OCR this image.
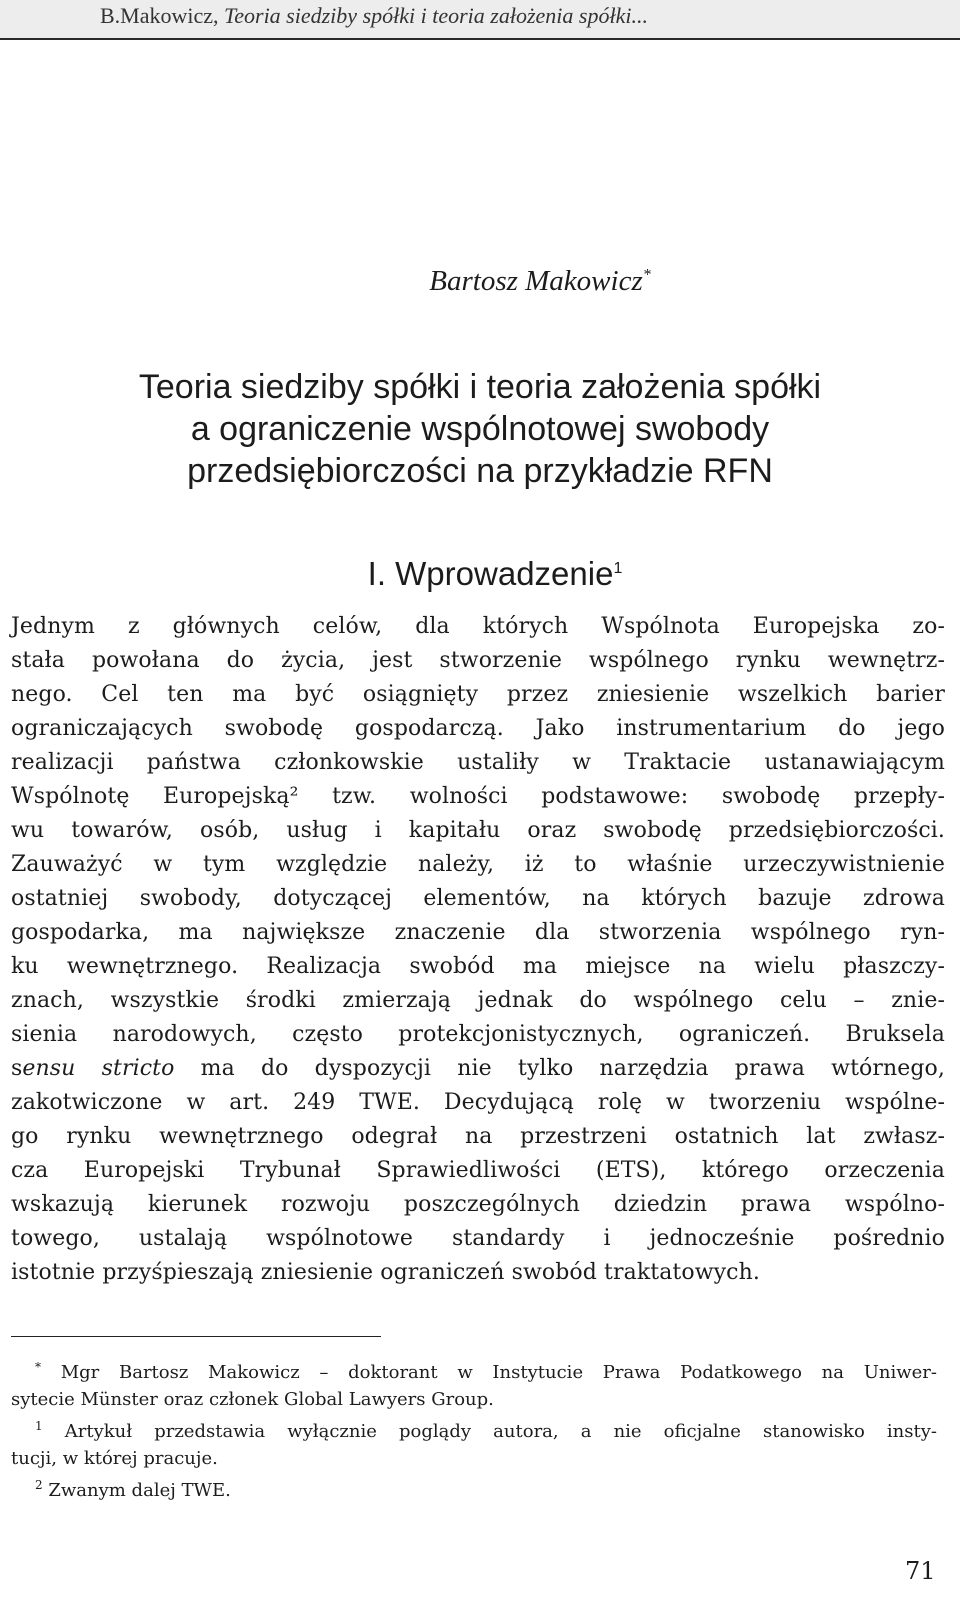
B.Makowicz, Teoria siedziby spółki i teoria założenia spółki...
Bartosz Makowicz*
Teoria siedziby spółki i teoria założenia spółki
a ograniczenie wspólnotowej swobody
przedsiębiorczości na przykładzie RFN
I. Wprowadzenie$^1$
Jednym z głównych celów, dla których Wspólnota Europejska zo-
stała powołana do życia, jest stworzenie wspólnego rynku wewnętrz-
nego. Cel ten ma być osiągnięty przez zniesienie wszelkich barier
ograniczających swobodę gospodarczą. Jako instrumentarium do jego
realizacji państwa członkowskie ustaliły w Traktacie ustanawiającym
Wspólnotę Europejską² tzw. wolności podstawowe: swobodę przepły-
wu towarów, osób, usług i kapitału oraz swobodę przedsiębiorczości.
Zauważyć w tym względzie należy, iż to właśnie urzeczywistnienie
ostatniej swobody, dotyczącej elementów, na których bazuje zdrowa
gospodarka, ma największe znaczenie dla stworzenia wspólnego ryn-
ku wewnętrznego. Realizacja swobód ma miejsce na wielu płaszczy-
znach, wszystkie środki zmierzają jednak do wspólnego celu – znie-
sienia narodowych, często protekcjonistycznych, ograniczeń. Bruksela
sensu stricto ma do dyspozycji nie tylko narzędzia prawa wtórnego,
zakotwiczone w art. 249 TWE. Decydującą rolę w tworzeniu wspólne-
go rynku wewnętrznego odegrał na przestrzeni ostatnich lat zwłasz-
cza Europejski Trybunał Sprawiedliwości (ETS), którego orzeczenia
wskazują kierunek rozwoju poszczególnych dziedzin prawa wspólno-
towego, ustalają wspólnotowe standardy i jednocześnie pośrednio
istotnie przyśpieszają zniesienie ograniczeń swobód traktatowych.
* Mgr Bartosz Makowicz – doktorant w Instytucie Prawa Podatkowego na Uniwer-
sytecie Münster oraz członek Global Lawyers Group.
$^1$ Artykuł przedstawia wyłącznie poglądy autora, a nie oficjalne stanowisko insty-
tucji, w której pracuje.
$^2$ Zwanym dalej TWE.
71
